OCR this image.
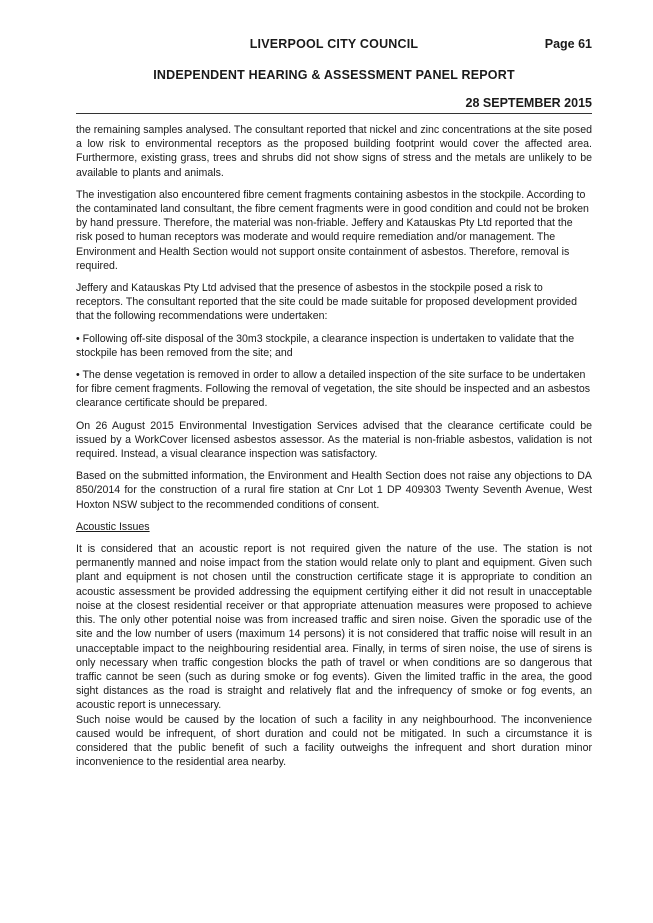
LIVERPOOL CITY COUNCIL	Page 61
INDEPENDENT HEARING & ASSESSMENT PANEL REPORT
28 SEPTEMBER 2015

the remaining samples analysed. The consultant reported that nickel and zinc concentrations at the site posed a low risk to environmental receptors as the proposed building footprint would cover the affected area. Furthermore, existing grass, trees and shrubs did not show signs of stress and the metals are unlikely to be available to plants and animals.

The investigation also encountered fibre cement fragments containing asbestos in the stockpile. According to the contaminated land consultant, the fibre cement fragments were in good condition and could not be broken by hand pressure. Therefore, the material was non-friable. Jeffery and Katauskas Pty Ltd reported that the risk posed to human receptors was moderate and would require remediation and/or management. The Environment and Health Section would not support onsite containment of asbestos. Therefore, removal is required.

Jeffery and Katauskas Pty Ltd advised that the presence of asbestos in the stockpile posed a risk to receptors. The consultant reported that the site could be made suitable for proposed development provided that the following recommendations were undertaken:

• Following off-site disposal of the 30m3 stockpile, a clearance inspection is undertaken to validate that the stockpile has been removed from the site; and

• The dense vegetation is removed in order to allow a detailed inspection of the site surface to be undertaken for fibre cement fragments. Following the removal of vegetation, the site should be inspected and an asbestos clearance certificate should be prepared.

On 26 August 2015 Environmental Investigation Services advised that the clearance certificate could be issued by a WorkCover licensed asbestos assessor. As the material is non-friable asbestos, validation is not required. Instead, a visual clearance inspection was satisfactory.

Based on the submitted information, the Environment and Health Section does not raise any objections to DA 850/2014 for the construction of a rural fire station at Cnr Lot 1 DP 409303 Twenty Seventh Avenue, West Hoxton NSW subject to the recommended conditions of consent.

Acoustic Issues

It is considered that an acoustic report is not required given the nature of the use. The station is not permanently manned and noise impact from the station would relate only to plant and equipment. Given such plant and equipment is not chosen until the construction certificate stage it is appropriate to condition an acoustic assessment be provided addressing the equipment certifying either it did not result in unacceptable noise at the closest residential receiver or that appropriate attenuation measures were proposed to achieve this. The only other potential noise was from increased traffic and siren noise. Given the sporadic use of the site and the low number of users (maximum 14 persons) it is not considered that traffic noise will result in an unacceptable impact to the neighbouring residential area. Finally, in terms of siren noise, the use of sirens is only necessary when traffic congestion blocks the path of travel or when conditions are so dangerous that traffic cannot be seen (such as during smoke or fog events). Given the limited traffic in the area, the good sight distances as the road is straight and relatively flat and the infrequency of smoke or fog events, an acoustic report is unnecessary.

Such noise would be caused by the location of such a facility in any neighbourhood. The inconvenience caused would be infrequent, of short duration and could not be mitigated. In such a circumstance it is considered that the public benefit of such a facility outweighs the infrequent and short duration minor inconvenience to the residential area nearby.
